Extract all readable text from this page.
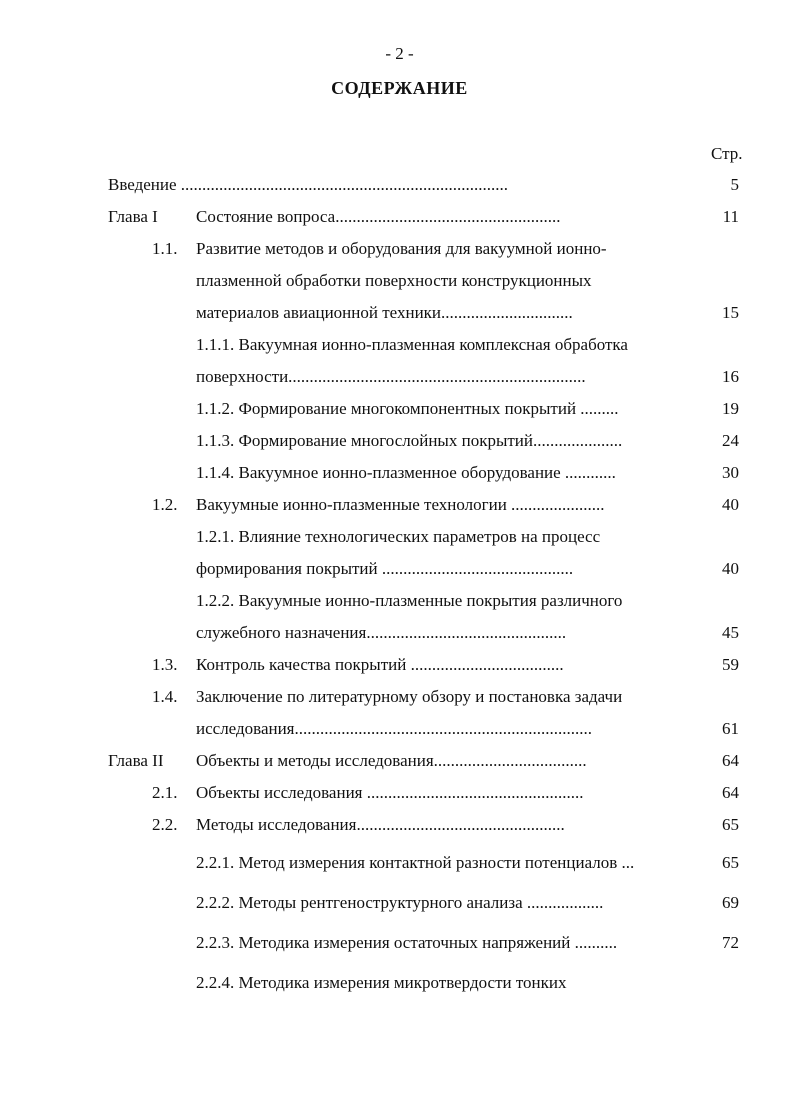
- 2 -
СОДЕРЖАНИЕ
Стр.
Введение .............................................................................	5
Глава I Состояние вопроса.....................................................	11
1.1. Развитие методов и оборудования для вакуумной ионно-
плазменной обработки поверхности конструкционных
материалов авиационной техники...............................	15
1.1.1. Вакуумная ионно-плазменная комплексная обработка
поверхности......................................................................	16
1.1.2. Формирование многокомпонентных покрытий .........	19
1.1.3. Формирование многослойных покрытий.....................	24
1.1.4. Вакуумное ионно-плазменное оборудование ............	30
1.2. Вакуумные ионно-плазменные технологии ......................	40
1.2.1. Влияние технологических параметров на процесс
формирования покрытий .............................................	40
1.2.2. Вакуумные ионно-плазменные покрытия различного
служебного назначения...............................................	45
1.3. Контроль качества покрытий ....................................	59
1.4. Заключение по литературному обзору и постановка задачи
исследования......................................................................	61
Глава II Объекты и методы исследования....................................	64
2.1. Объекты исследования ...................................................	64
2.2. Методы исследования.................................................	65
2.2.1. Метод измерения контактной разности потенциалов ...	65
2.2.2. Методы рентгеноструктурного анализа ..................	69
2.2.3. Методика измерения остаточных напряжений ..........	72
2.2.4. Методика измерения микротвердости тонких
